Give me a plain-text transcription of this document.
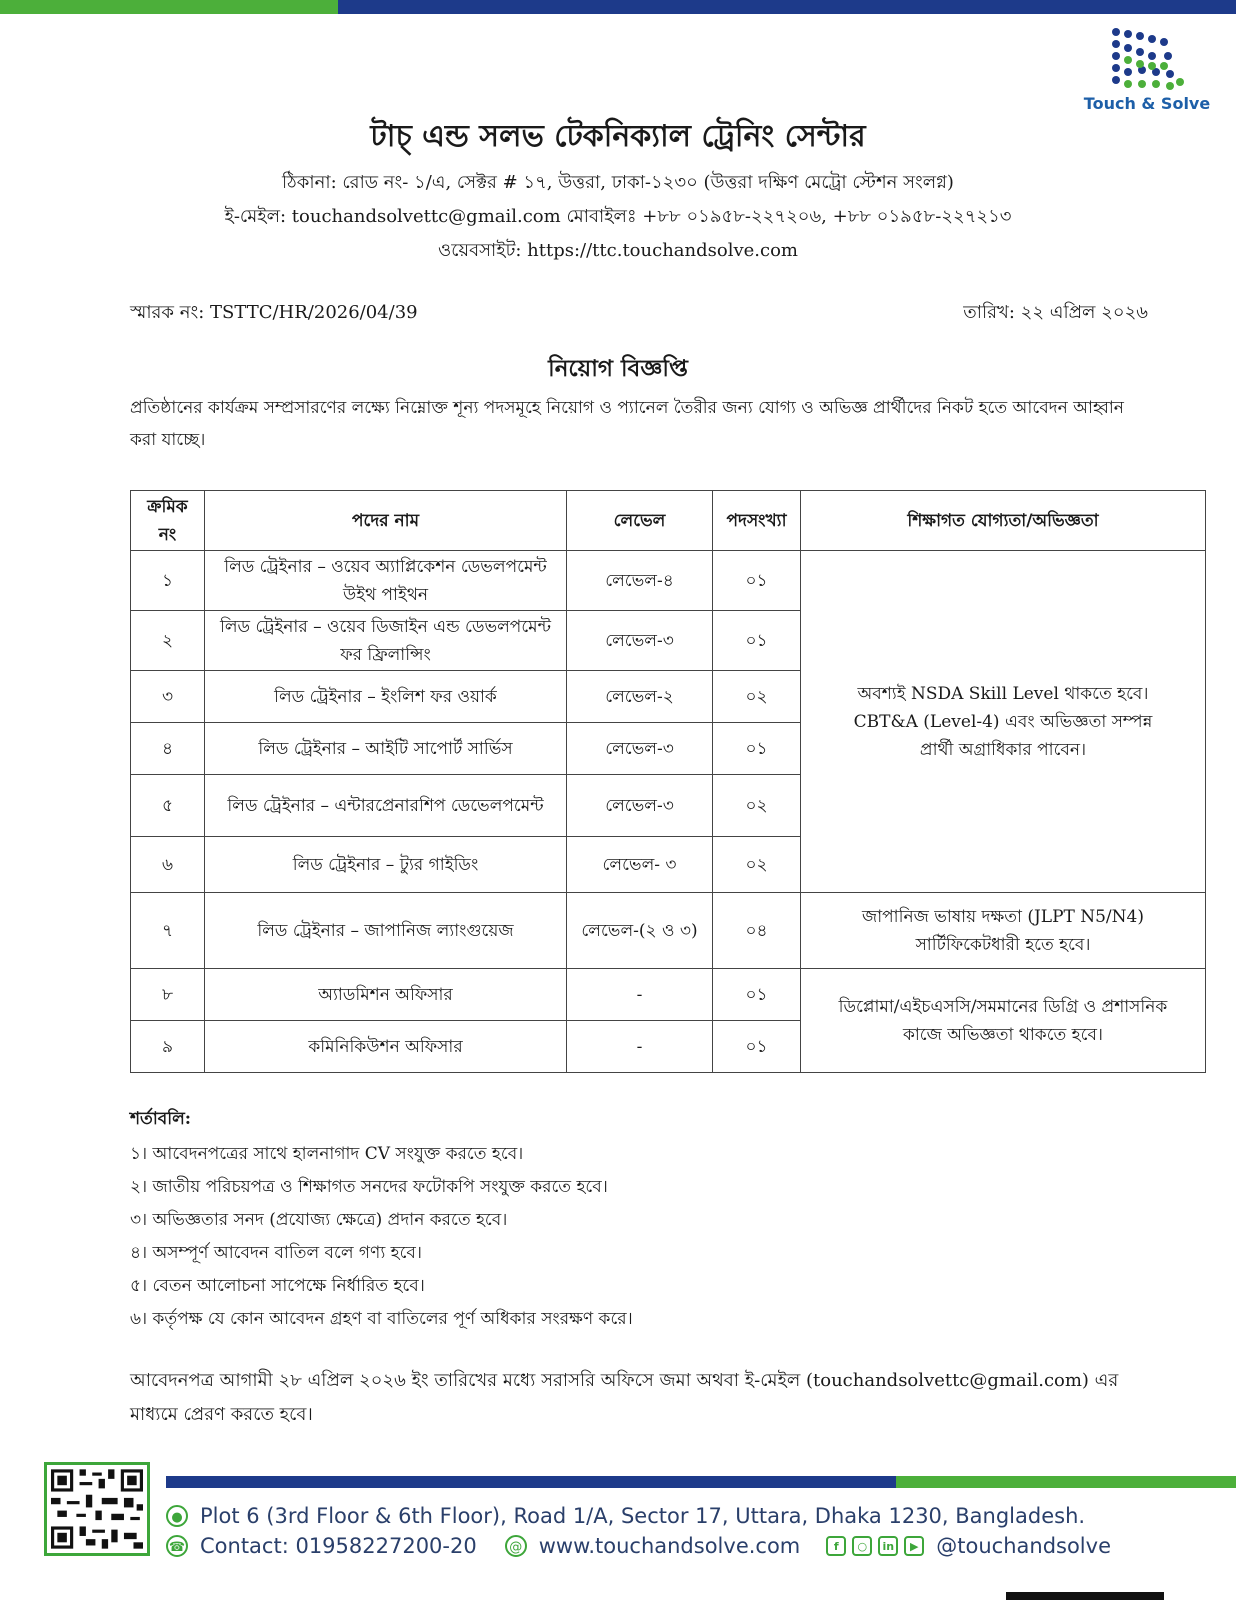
Touch & Solve
টাচ্‌ এন্ড সলভ টেকনিক্যাল ট্রেনিং সেন্টার
ঠিকানা: রোড নং- ১/এ, সেক্টর # ১৭, উত্তরা, ঢাকা-১২৩০ (উত্তরা দক্ষিণ মেট্রো স্টেশন সংলগ্ন)
ই-মেইল: touchandsolvettc@gmail.com মোবাইলঃ +৮৮ ০১৯৫৮-২২৭২০৬, +৮৮ ০১৯৫৮-২২৭২১৩
ওয়েবসাইট: https://ttc.touchandsolve.com
স্মারক নং: TSTTC/HR/2026/04/39	তারিখ: ২২ এপ্রিল ২০২৬
নিয়োগ বিজ্ঞপ্তি
প্রতিষ্ঠানের কার্যক্রম সম্প্রসারণের লক্ষ্যে নিম্নোক্ত শূন্য পদসমূহে নিয়োগ ও প্যানেল তৈরীর জন্য যোগ্য ও অভিজ্ঞ প্রার্থীদের নিকট হতে আবেদন আহ্বান করা যাচ্ছে।
ক্রমিক নং	পদের নাম	লেভেল	পদসংখ্যা	শিক্ষাগত যোগ্যতা/অভিজ্ঞতা
১	লিড ট্রেইনার – ওয়েব অ্যাপ্লিকেশন ডেভলপমেন্ট উইথ পাইথন	লেভেল-৪	০১	অবশ্যই NSDA Skill Level থাকতে হবে। CBT&A (Level-4) এবং অভিজ্ঞতা সম্পন্ন প্রার্থী অগ্রাধিকার পাবেন।
২	লিড ট্রেইনার – ওয়েব ডিজাইন এন্ড ডেভলপমেন্ট ফর ফ্রিলান্সিং	লেভেল-৩	০১	
৩	লিড ট্রেইনার – ইংলিশ ফর ওয়ার্ক	লেভেল-২	০২	
৪	লিড ট্রেইনার – আইটি সাপোর্ট সার্ভিস	লেভেল-৩	০১	
৫	লিড ট্রেইনার – এন্টারপ্রেনারশিপ ডেভেলপমেন্ট	লেভেল-৩	০২	
৬	লিড ট্রেইনার – ট্যুর গাইডিং	লেভেল- ৩	০২	
৭	লিড ট্রেইনার – জাপানিজ ল্যাংগুয়েজ	লেভেল-(২ ও ৩)	০৪	জাপানিজ ভাষায় দক্ষতা (JLPT N5/N4) সার্টিফিকেটধারী হতে হবে।
৮	অ্যাডমিশন অফিসার	-	০১	ডিপ্লোমা/এইচএসসি/সমমানের ডিগ্রি ও প্রশাসনিক কাজে অভিজ্ঞতা থাকতে হবে।
৯	কমিনিকিউশন অফিসার	-	০১	
শর্তাবলি:
১। আবেদনপত্রের সাথে হালনাগাদ CV সংযুক্ত করতে হবে।
২। জাতীয় পরিচয়পত্র ও শিক্ষাগত সনদের ফটোকপি সংযুক্ত করতে হবে।
৩। অভিজ্ঞতার সনদ (প্রযোজ্য ক্ষেত্রে) প্রদান করতে হবে।
৪। অসম্পূর্ণ আবেদন বাতিল বলে গণ্য হবে।
৫। বেতন আলোচনা সাপেক্ষে নির্ধারিত হবে।
৬। কর্তৃপক্ষ যে কোন আবেদন গ্রহণ বা বাতিলের পূর্ণ অধিকার সংরক্ষণ করে।
আবেদনপত্র আগামী ২৮ এপ্রিল ২০২৬ ইং তারিখের মধ্যে সরাসরি অফিসে জমা অথবা ই-মেইল (touchandsolvettc@gmail.com) এর মাধ্যমে প্রেরণ করতে হবে।
● Plot 6 (3rd Floor & 6th Floor), Road 1/A, Sector 17, Uttara, Dhaka 1230, Bangladesh.
☎ Contact: 01958227200-20	@ www.touchandsolve.com	f	○	in	▶ @touchandsolve
